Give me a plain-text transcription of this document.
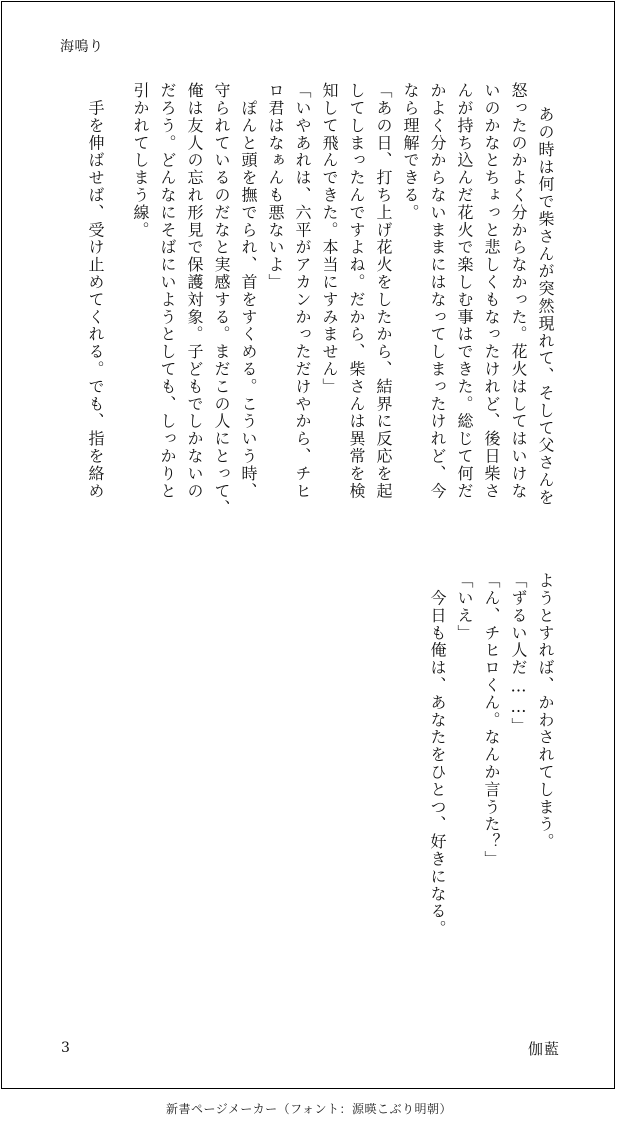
海鳴り
あの時は何で柴さんが突然現れて、そして父さんを
怒ったのかよく分からなかった。花火はしてはいけな
いのかなとちょっと悲しくもなったけれど、後日柴さ
んが持ち込んだ花火で楽しむ事はできた。総じて何だ
かよく分からないままにはなってしまったけれど、今
なら理解できる。
「あの日、打ち上げ花火をしたから、結界に反応を起
してしまったんですよね。だから、柴さんは異常を検
知して飛んできた。本当にすみません」
「いやあれは、六平がアカンかっただけやから、チヒ
ロ君はなぁんも悪ないよ」
　ぽんと頭を撫でられ、首をすくめる。こういう時、
守られているのだなと実感する。まだこの人にとって、
俺は友人の忘れ形見で保護対象。子どもでしかないの
だろう。どんなにそばにいようとしても、しっかりと
引かれてしまう線。
　手を伸ばせば、受け止めてくれる。でも、指を絡め
ようとすれば、かわされてしまう。
「ずるい人だ……」
「ん、チヒロくん。なんか言うた？」
「いえ」
　今日も俺は、あなたをひとつ、好きになる。
3	伽藍
新書ページメーカー（フォント：源暎こぶり明朝）
